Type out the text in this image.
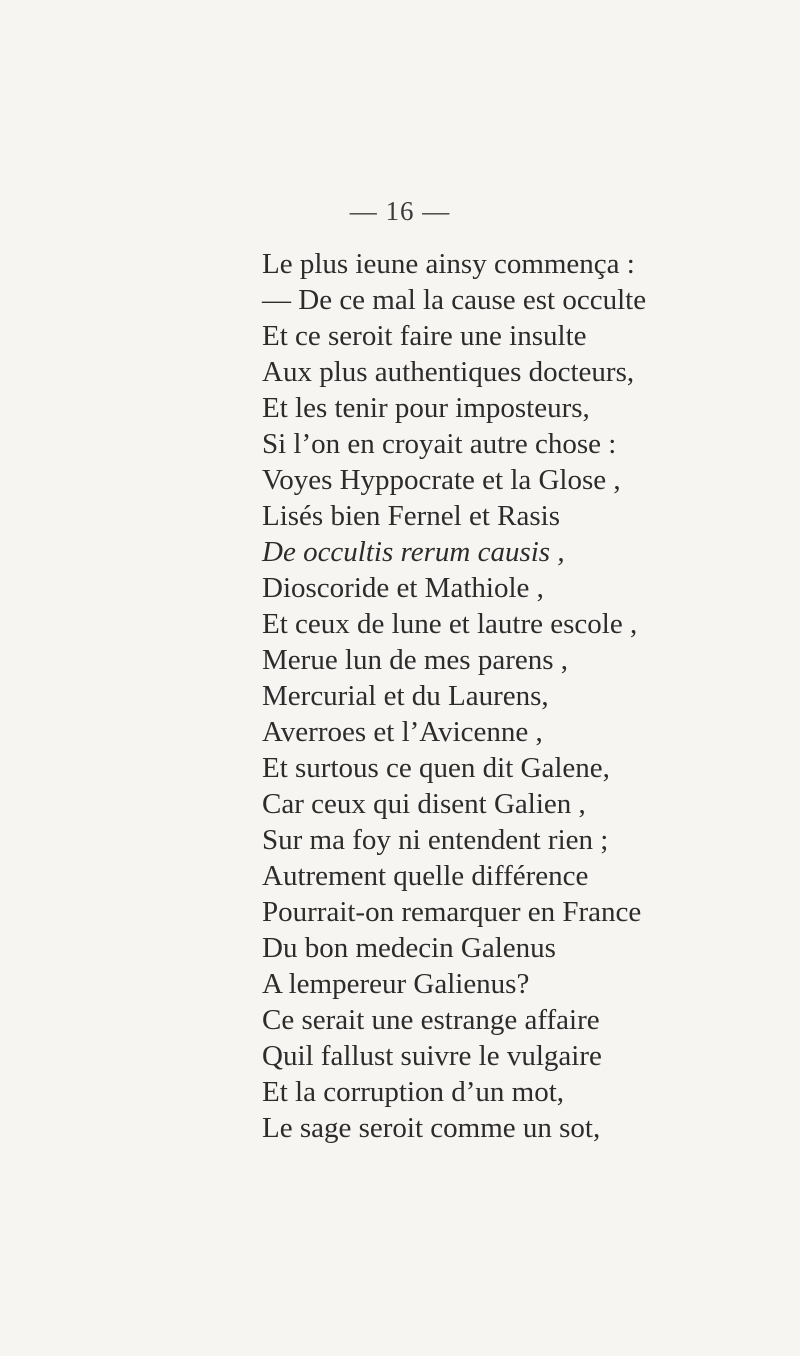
— 16 —
Le plus ieune ainsy commença :
— De ce mal la cause est occulte
Et ce seroit faire une insulte
Aux plus authentiques docteurs,
Et les tenir pour imposteurs,
Si l’on en croyait autre chose :
Voyes Hyppocrate et la Glose ,
Lisés bien Fernel et Rasis
De occultis rerum causis ,
Dioscoride et Mathiole ,
Et ceux de lune et lautre escole ,
Merue lun de mes parens ,
Mercurial et du Laurens,
Averroes et l’Avicenne ,
Et surtous ce quen dit Galene,
Car ceux qui disent Galien ,
Sur ma foy ni entendent rien ;
Autrement quelle différence
Pourrait-on remarquer en France
Du bon medecin Galenus
A lempereur Galienus?
Ce serait une estrange affaire
Quil fallust suivre le vulgaire
Et la corruption d’un mot,
Le sage seroit comme un sot,
